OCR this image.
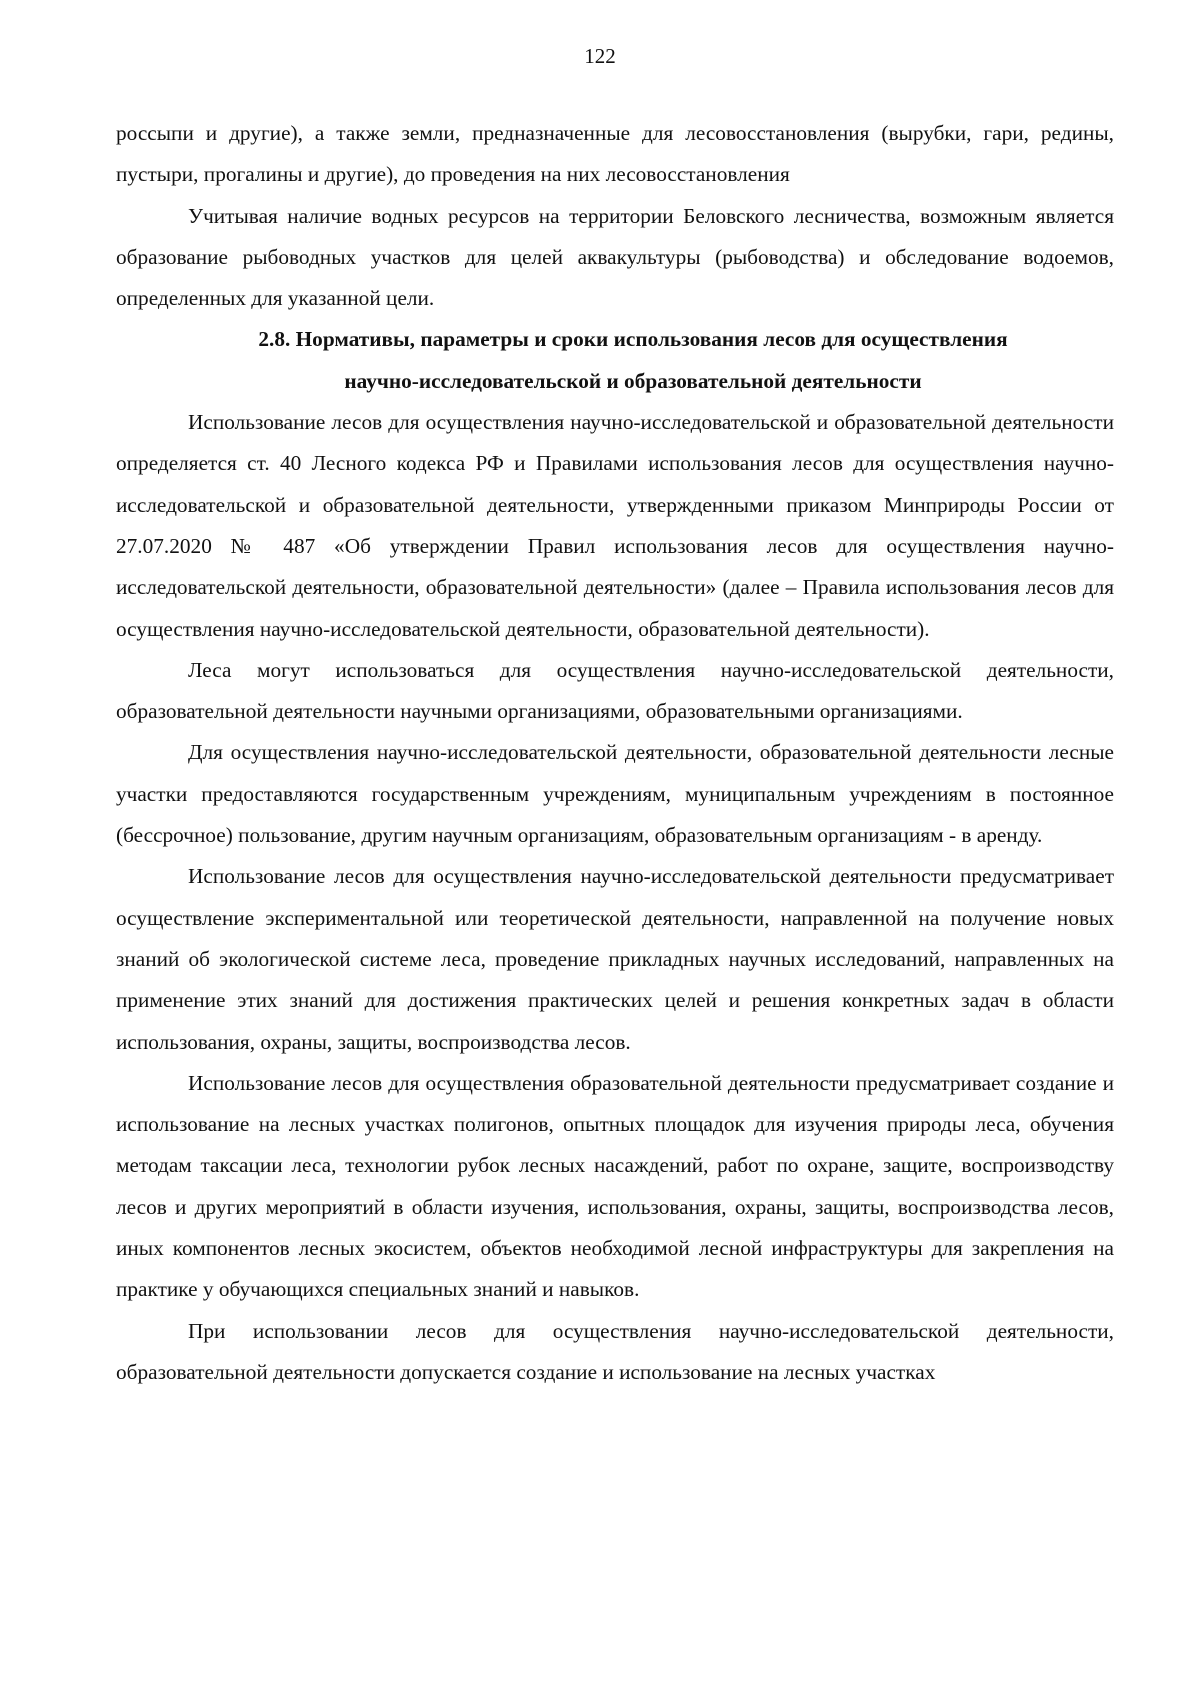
122

россыпи и другие), а также земли, предназначенные для лесовосстановления (вырубки, гари, редины, пустыри, прогалины и другие), до проведения на них лесовосстановления

Учитывая наличие водных ресурсов на территории Беловского лесничества, возможным является образование рыбоводных участков для целей аквакультуры (рыбоводства) и обследование водоемов, определенных для указанной цели.

2.8. Нормативы, параметры и сроки использования лесов для осуществления
научно-исследовательской и образовательной деятельности

Использование лесов для осуществления научно-исследовательской и образовательной деятельности определяется ст. 40 Лесного кодекса РФ и Правилами использования лесов для осуществления научно-исследовательской и образовательной деятельности, утвержденными приказом Минприроды России от 27.07.2020 № 487 «Об утверждении Правил использования лесов для осуществления научно-исследовательской деятельности, образовательной деятельности» (далее – Правила использования лесов для осуществления научно-исследовательской деятельности, образовательной деятельности).

Леса могут использоваться для осуществления научно-исследовательской деятельности, образовательной деятельности научными организациями, образовательными организациями.

Для осуществления научно-исследовательской деятельности, образовательной деятельности лесные участки предоставляются государственным учреждениям, муниципальным учреждениям в постоянное (бессрочное) пользование, другим научным организациям, образовательным организациям - в аренду.

Использование лесов для осуществления научно-исследовательской деятельности предусматривает осуществление экспериментальной или теоретической деятельности, направленной на получение новых знаний об экологической системе леса, проведение прикладных научных исследований, направленных на применение этих знаний для достижения практических целей и решения конкретных задач в области использования, охраны, защиты, воспроизводства лесов.

Использование лесов для осуществления образовательной деятельности предусматривает создание и использование на лесных участках полигонов, опытных площадок для изучения природы леса, обучения методам таксации леса, технологии рубок лесных насаждений, работ по охране, защите, воспроизводству лесов и других мероприятий в области изучения, использования, охраны, защиты, воспроизводства лесов, иных компонентов лесных экосистем, объектов необходимой лесной инфраструктуры для закрепления на практике у обучающихся специальных знаний и навыков.

При использовании лесов для осуществления научно-исследовательской деятельности, образовательной деятельности допускается создание и использование на лесных участках
